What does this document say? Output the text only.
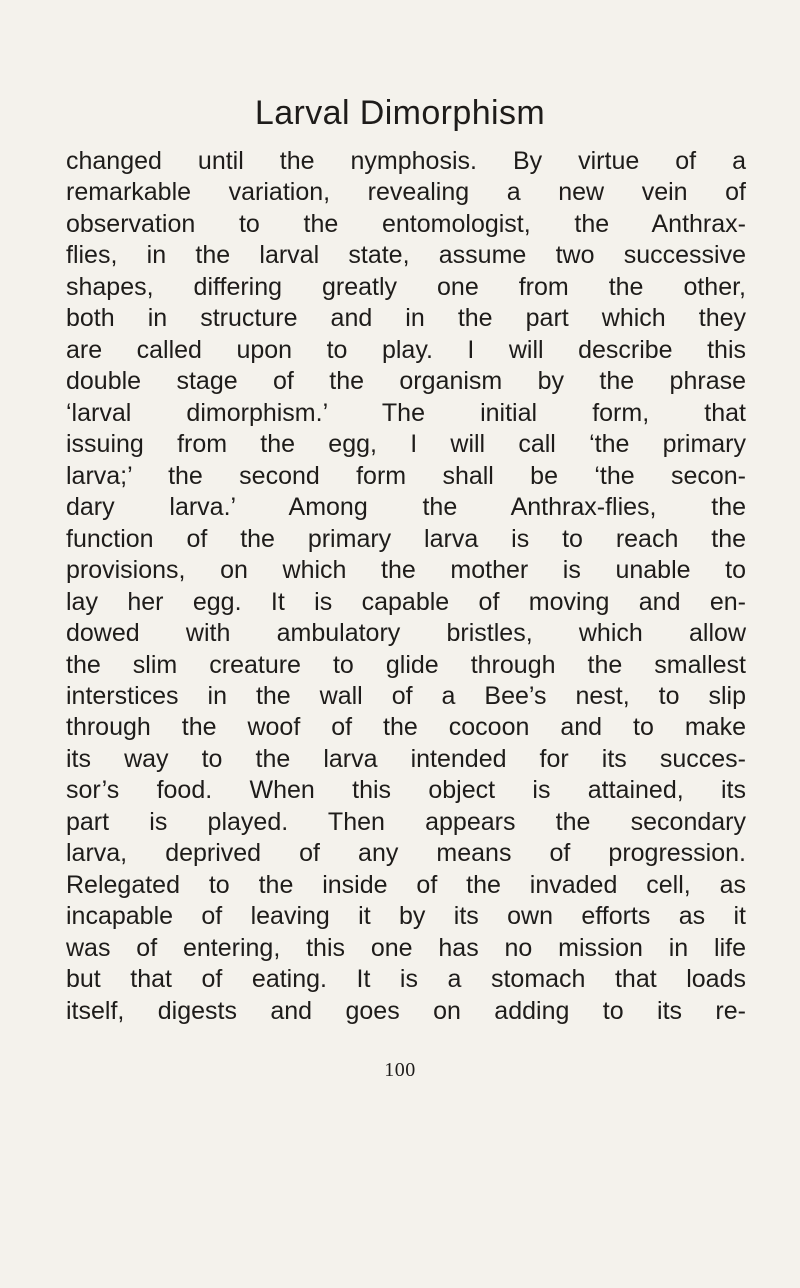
Larval Dimorphism
changed until the nymphosis. By virtue of a
remarkable variation, revealing a new vein of
observation to the entomologist, the Anthrax-
flies, in the larval state, assume two successive
shapes, differing greatly one from the other,
both in structure and in the part which they
are called upon to play. I will describe this
double stage of the organism by the phrase
‘larval dimorphism.’ The initial form, that
issuing from the egg, I will call ‘the primary
larva;’ the second form shall be ‘the secon-
dary larva.’ Among the Anthrax-flies, the
function of the primary larva is to reach the
provisions, on which the mother is unable to
lay her egg. It is capable of moving and en-
dowed with ambulatory bristles, which allow
the slim creature to glide through the smallest
interstices in the wall of a Bee’s nest, to slip
through the woof of the cocoon and to make
its way to the larva intended for its succes-
sor’s food. When this object is attained, its
part is played. Then appears the secondary
larva, deprived of any means of progression.
Relegated to the inside of the invaded cell, as
incapable of leaving it by its own efforts as it
was of entering, this one has no mission in life
but that of eating. It is a stomach that loads
itself, digests and goes on adding to its re-
100
